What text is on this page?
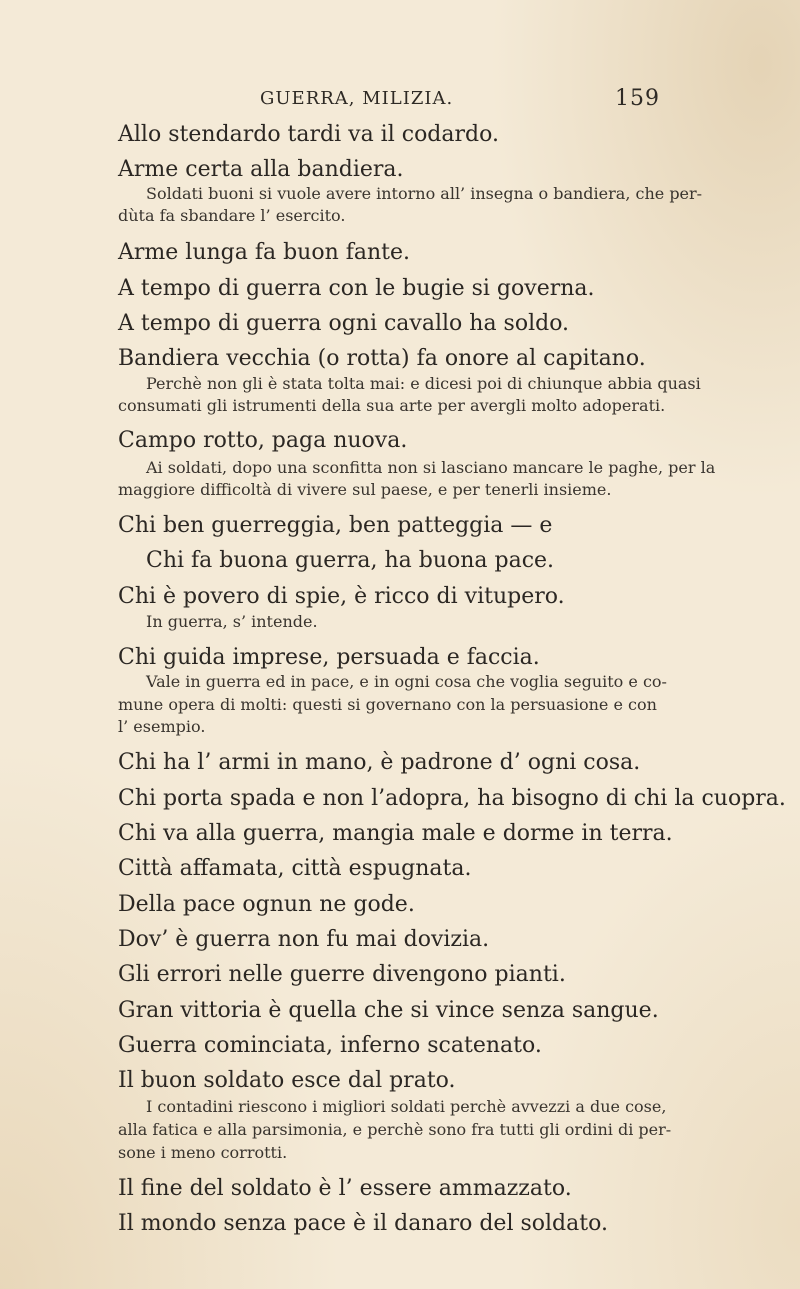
GUERRA, MILIZIA.	159
Allo stendardo tardi va il codardo.
Arme certa alla bandiera.
Soldati buoni si vuole avere intorno all’ insegna o bandiera, che per-
dùta fa sbandare l’ esercito.
Arme lunga fa buon fante.
A tempo di guerra con le bugie si governa.
A tempo di guerra ogni cavallo ha soldo.
Bandiera vecchia (o rotta) fa onore al capitano.
Perchè non gli è stata tolta mai: e dicesi poi di chiunque abbia quasi
consumati gli istrumenti della sua arte per avergli molto adoperati.
Campo rotto, paga nuova.
Ai soldati, dopo una sconfitta non si lasciano mancare le paghe, per la
maggiore difficoltà di vivere sul paese, e per tenerli insieme.
Chi ben guerreggia, ben patteggia — e
Chi fa buona guerra, ha buona pace.
Chi è povero di spie, è ricco di vitupero.
In guerra, s’ intende.
Chi guida imprese, persuada e faccia.
Vale in guerra ed in pace, e in ogni cosa che voglia seguito e co-
mune opera di molti: questi si governano con la persuasione e con
l’ esempio.
Chi ha l’ armi in mano, è padrone d’ ogni cosa.
Chi porta spada e non l’adopra, ha bisogno di chi la cuopra.
Chi va alla guerra, mangia male e dorme in terra.
Città affamata, città espugnata.
Della pace ognun ne gode.
Dov’ è guerra non fu mai dovizia.
Gli errori nelle guerre divengono pianti.
Gran vittoria è quella che si vince senza sangue.
Guerra cominciata, inferno scatenato.
Il buon soldato esce dal prato.
I contadini riescono i migliori soldati perchè avvezzi a due cose,
alla fatica e alla parsimonia, e perchè sono fra tutti gli ordini di per-
sone i meno corrotti.
Il fine del soldato è l’ essere ammazzato.
Il mondo senza pace è il danaro del soldato.
